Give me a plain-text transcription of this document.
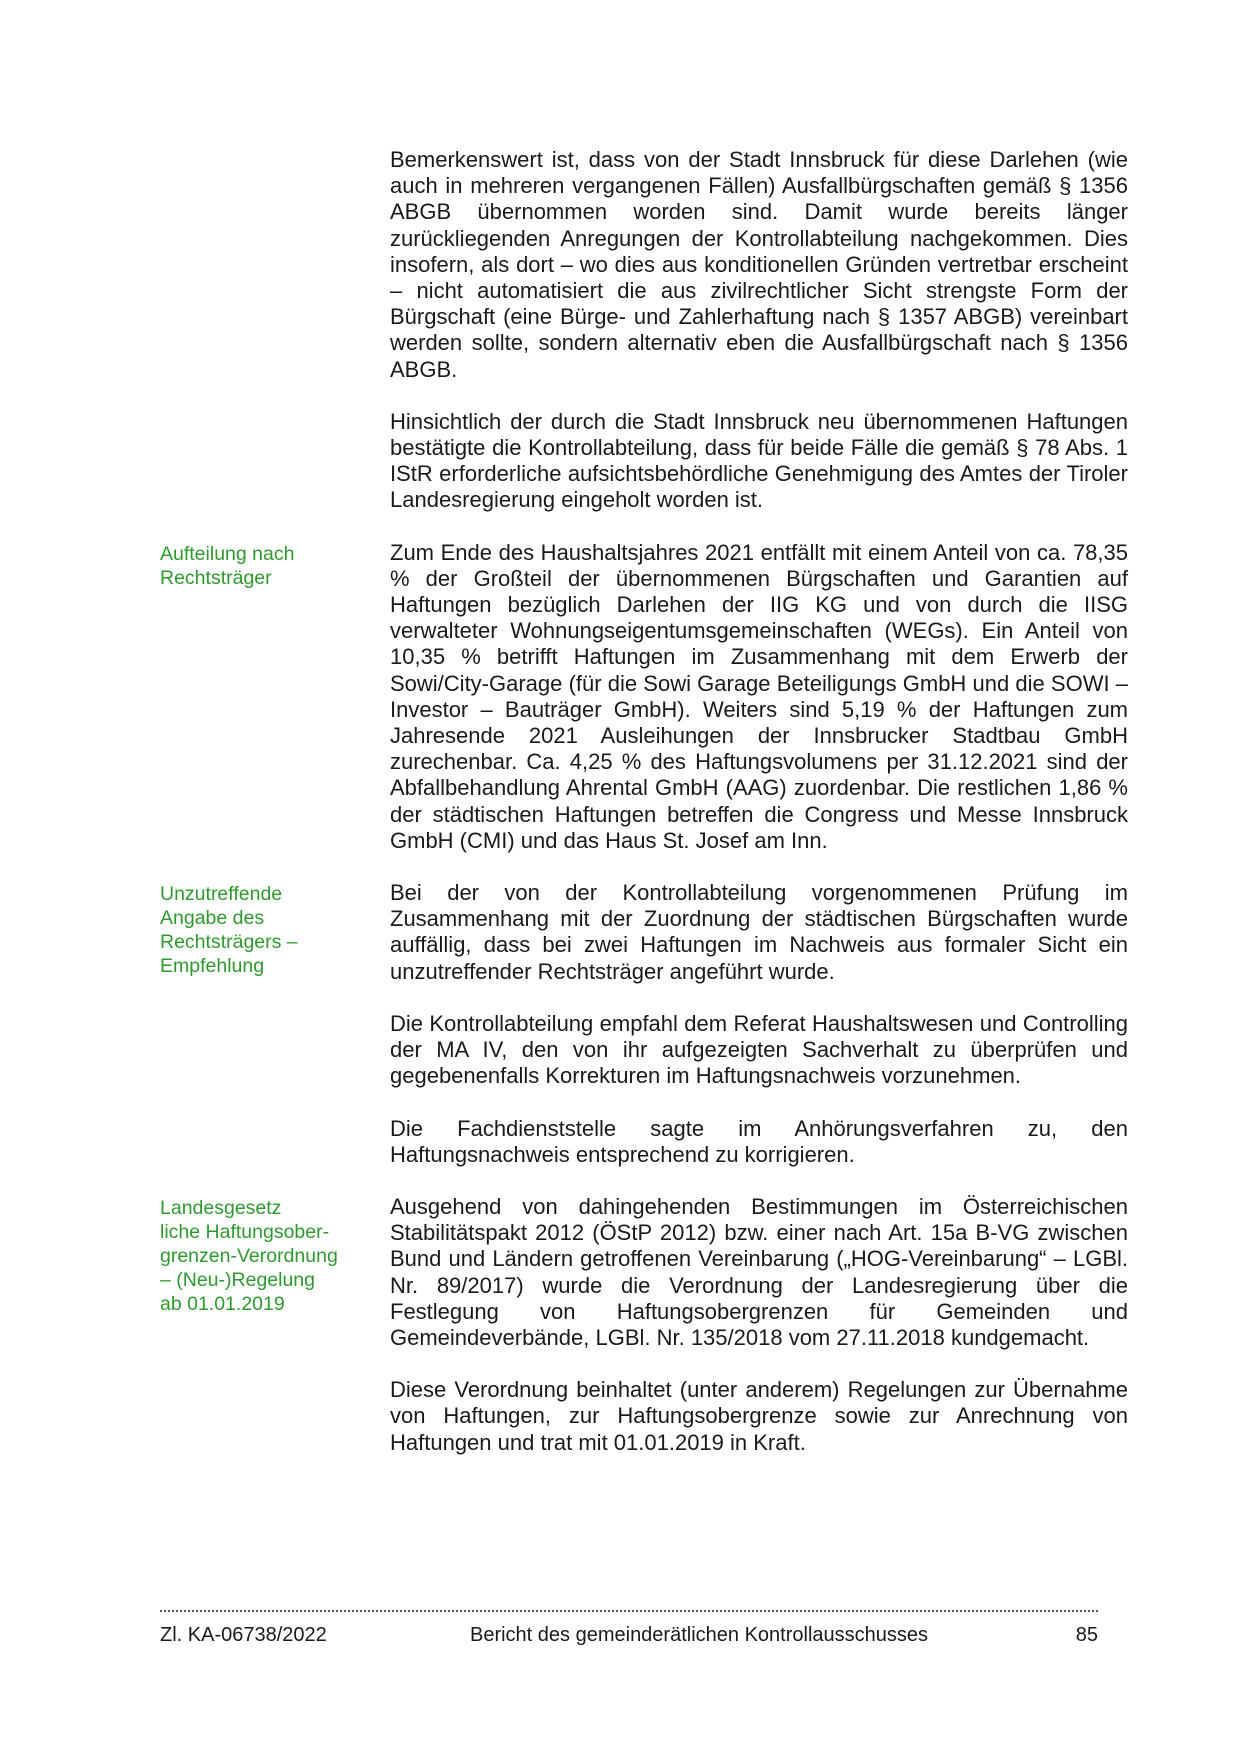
Bemerkenswert ist, dass von der Stadt Innsbruck für diese Darlehen (wie auch in mehreren vergangenen Fällen) Ausfallbürgschaften gemäß § 1356 ABGB übernommen worden sind. Damit wurde bereits länger zurückliegenden Anregungen der Kontrollabteilung nachgekommen. Dies insofern, als dort – wo dies aus konditionellen Gründen vertretbar erscheint – nicht automatisiert die aus zivilrechtlicher Sicht strengste Form der Bürgschaft (eine Bürge- und Zahlerhaftung nach § 1357 ABGB) vereinbart werden sollte, sondern alternativ eben die Ausfallbürgschaft nach § 1356 ABGB.

Hinsichtlich der durch die Stadt Innsbruck neu übernommenen Haftungen bestätigte die Kontrollabteilung, dass für beide Fälle die gemäß § 78 Abs. 1 IStR erforderliche aufsichtsbehördliche Genehmigung des Amtes der Tiroler Landesregierung eingeholt worden ist.

Aufteilung nach
Rechtsträger

Zum Ende des Haushaltsjahres 2021 entfällt mit einem Anteil von ca. 78,35 % der Großteil der übernommenen Bürgschaften und Garantien auf Haftungen bezüglich Darlehen der IIG KG und von durch die IISG verwalteter Wohnungseigentumsgemeinschaften (WEGs). Ein Anteil von 10,35 % betrifft Haftungen im Zusammenhang mit dem Erwerb der Sowi/City-Garage (für die Sowi Garage Beteiligungs GmbH und die SOWI – Investor – Bauträger GmbH). Weiters sind 5,19 % der Haftungen zum Jahresende 2021 Ausleihungen der Innsbrucker Stadtbau GmbH zurechenbar. Ca. 4,25 % des Haftungsvolumens per 31.12.2021 sind der Abfallbehandlung Ahrental GmbH (AAG) zuordenbar. Die restlichen 1,86 % der städtischen Haftungen betreffen die Congress und Messe Innsbruck GmbH (CMI) und das Haus St. Josef am Inn.

Unzutreffende
Angabe des
Rechtsträgers –
Empfehlung

Bei der von der Kontrollabteilung vorgenommenen Prüfung im Zusammenhang mit der Zuordnung der städtischen Bürgschaften wurde auffällig, dass bei zwei Haftungen im Nachweis aus formaler Sicht ein unzutreffender Rechtsträger angeführt wurde.

Die Kontrollabteilung empfahl dem Referat Haushaltswesen und Controlling der MA IV, den von ihr aufgezeigten Sachverhalt zu überprüfen und gegebenenfalls Korrekturen im Haftungsnachweis vorzunehmen.

Die Fachdienststelle sagte im Anhörungsverfahren zu, den Haftungsnachweis entsprechend zu korrigieren.

Landesgesetz
liche Haftungsober-
grenzen-Verordnung
– (Neu-)Regelung
ab 01.01.2019

Ausgehend von dahingehenden Bestimmungen im Österreichischen Stabilitätspakt 2012 (ÖStP 2012) bzw. einer nach Art. 15a B-VG zwischen Bund und Ländern getroffenen Vereinbarung („HOG-Vereinbarung“ – LGBl. Nr. 89/2017) wurde die Verordnung der Landesregierung über die Festlegung von Haftungsobergrenzen für Gemeinden und Gemeindeverbände, LGBl. Nr. 135/2018 vom 27.11.2018 kundgemacht.

Diese Verordnung beinhaltet (unter anderem) Regelungen zur Übernahme von Haftungen, zur Haftungsobergrenze sowie zur Anrechnung von Haftungen und trat mit 01.01.2019 in Kraft.

Zl. KA-06738/2022	Bericht des gemeinderätlichen Kontrollausschusses	85
